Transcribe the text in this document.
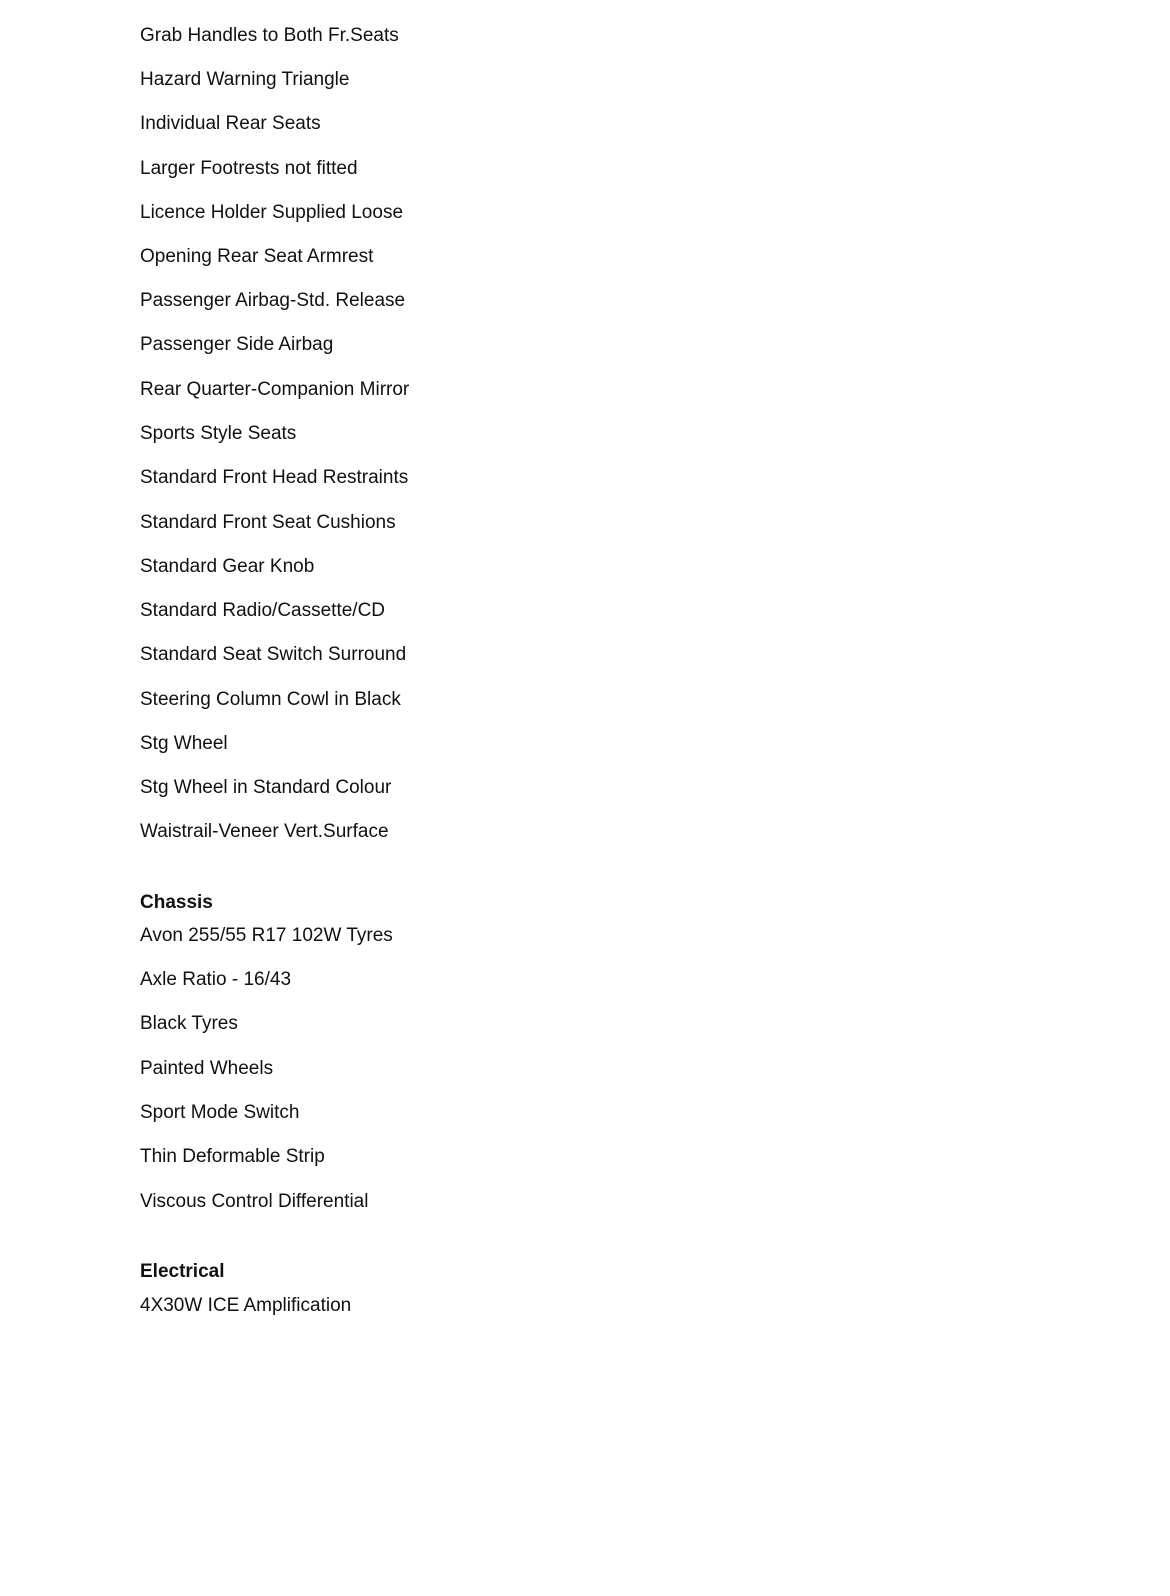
Grab Handles to Both Fr.Seats
Hazard Warning Triangle
Individual Rear Seats
Larger Footrests not fitted
Licence Holder Supplied Loose
Opening Rear Seat Armrest
Passenger Airbag-Std. Release
Passenger Side Airbag
Rear Quarter-Companion Mirror
Sports Style Seats
Standard Front Head Restraints
Standard Front Seat Cushions
Standard Gear Knob
Standard Radio/Cassette/CD
Standard Seat Switch Surround
Steering Column Cowl in Black
Stg Wheel
Stg Wheel in Standard Colour
Waistrail-Veneer Vert.Surface
Chassis
Avon 255/55 R17 102W Tyres
Axle Ratio - 16/43
Black Tyres
Painted Wheels
Sport Mode Switch
Thin Deformable Strip
Viscous Control Differential
Electrical
4X30W ICE Amplification
